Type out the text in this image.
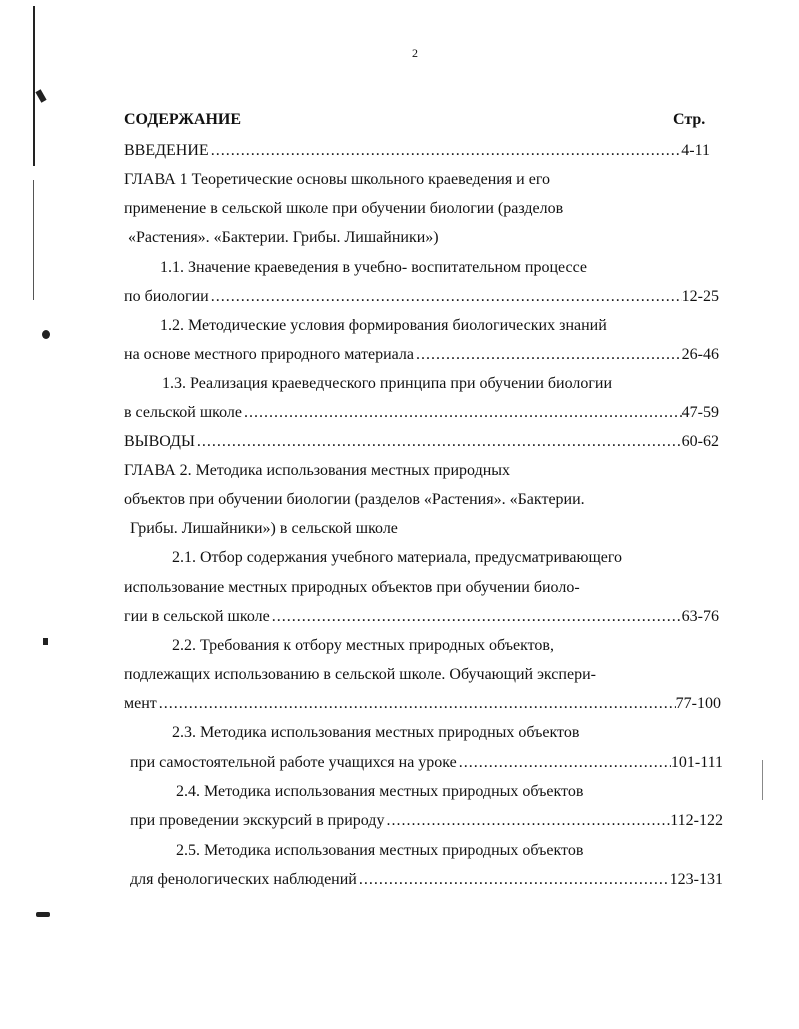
2
СОДЕРЖАНИЕ	Стр.
ВВЕДЕНИЕ .....	4-11
ГЛАВА 1 Теоретические основы школьного краеведения и его
применение в сельской школе при обучении биологии (разделов
«Растения». «Бактерии. Грибы. Лишайники»)
1.1. Значение краеведения в учебно- воспитательном процессе
по биологии .....	12-25
1.2. Методические условия формирования биологических знаний
на основе местного природного материала .....	26-46
1.3. Реализация краеведческого принципа при обучении биологии
в сельской школе .....	47-59
ВЫВОДЫ .....	60-62
ГЛАВА 2. Методика использования местных природных
объектов при обучении биологии (разделов «Растения». «Бактерии.
Грибы. Лишайники») в сельской школе
2.1. Отбор содержания учебного материала, предусматривающего
использование местных природных объектов при обучении биоло-
гии в сельской школе .....	63-76
2.2. Требования к отбору местных природных объектов,
подлежащих использованию в сельской школе. Обучающий экспери-
мент .....	77-100
2.3. Методика использования местных природных объектов
при самостоятельной работе учащихся на уроке .....	101-111
2.4. Методика использования местных природных объектов
при проведении экскурсий в природу .....	112-122
2.5. Методика использования местных природных объектов
для фенологических наблюдений .....	123-131
